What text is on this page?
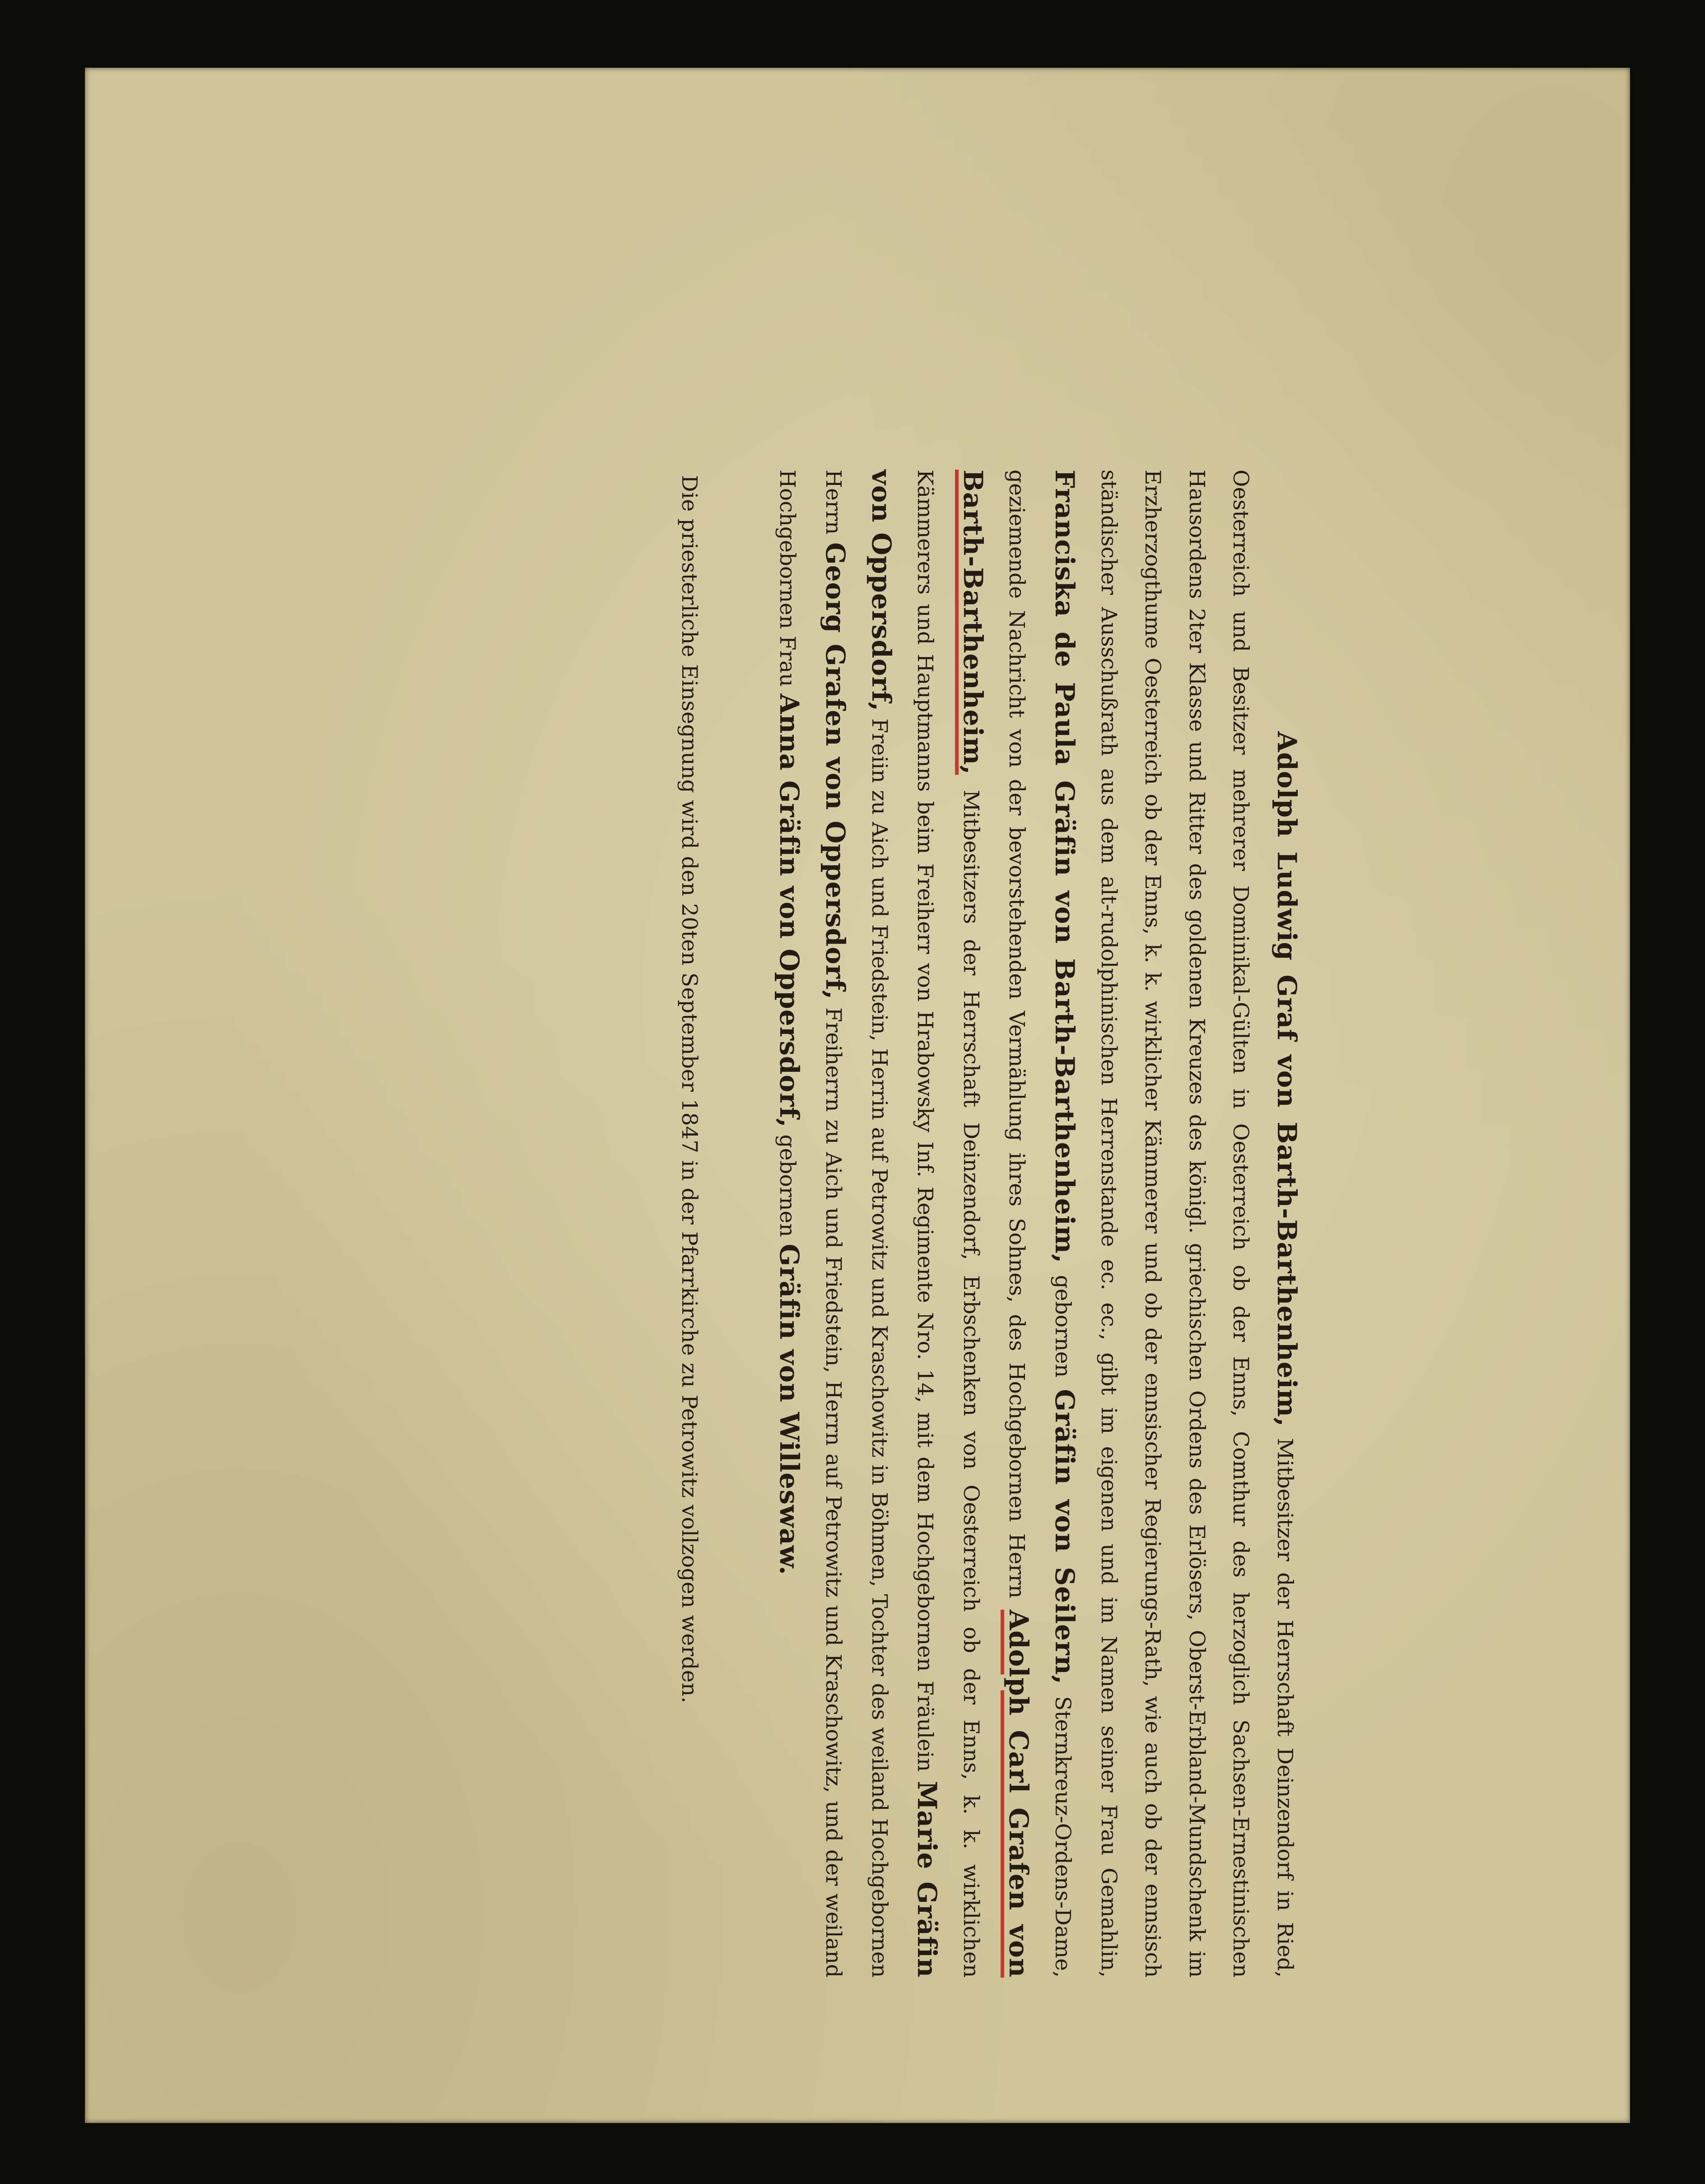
Adolph Ludwig Graf von Barth-Barthenheim, Mitbesitzer der Herrschaft Deinzendorf in Ried, Oesterreich und Besitzer mehrerer Dominikal-Gülten in Oesterreich ob der Enns, Comthur des herzoglich Sachsen-Ernestinischen Hausordens 2ter Klasse und Ritter des goldenen Kreuzes des königl. griechischen Ordens des Erlösers, Oberst-Erbland-Mundschenk im Erzherzogthume Oesterreich ob der Enns, k. k. wirklicher Kämmerer und ob der ennsischer Regierungs-Rath, wie auch ob der ennsisch ständischer Ausschußrath aus dem alt-rudolphinischen Herrenstande ec. ec., gibt im eigenen und im Namen seiner Frau Gemahlin, Franciska de Paula Gräfin von Barth-Barthenheim, gebornen Gräfin von Seilern, Sternkreuz-Ordens-Dame, geziemende Nachricht von der bevorstehenden Vermählung ihres Sohnes, des Hochgebornen Herrn Adolph Carl Grafen von Barth-Barthenheim, Mitbesitzers der Herrschaft Deinzendorf, Erbschenken von Oesterreich ob der Enns, k. k. wirklichen Kämmerers und Hauptmanns beim Freiherr von Hrabowsky Inf. Regimente Nro. 14, mit dem Hochgebornen Fräulein Marie Gräfin von Oppersdorf, Freiin zu Aich und Friedstein, Herrin auf Petrowitz und Kraschowitz in Böhmen, Tochter des weiland Hochgebornen Herrn Georg Grafen von Oppersdorf, Freiherrn zu Aich und Friedstein, Herrn auf Petrowitz und Kraschowitz, und der weiland Hochgebornen Frau Anna Gräfin von Oppersdorf, gebornen Gräfin von Willeswaw.

Die priesterliche Einsegnung wird den 20ten September 1847 in der Pfarrkirche zu Petrowitz vollzogen werden.
